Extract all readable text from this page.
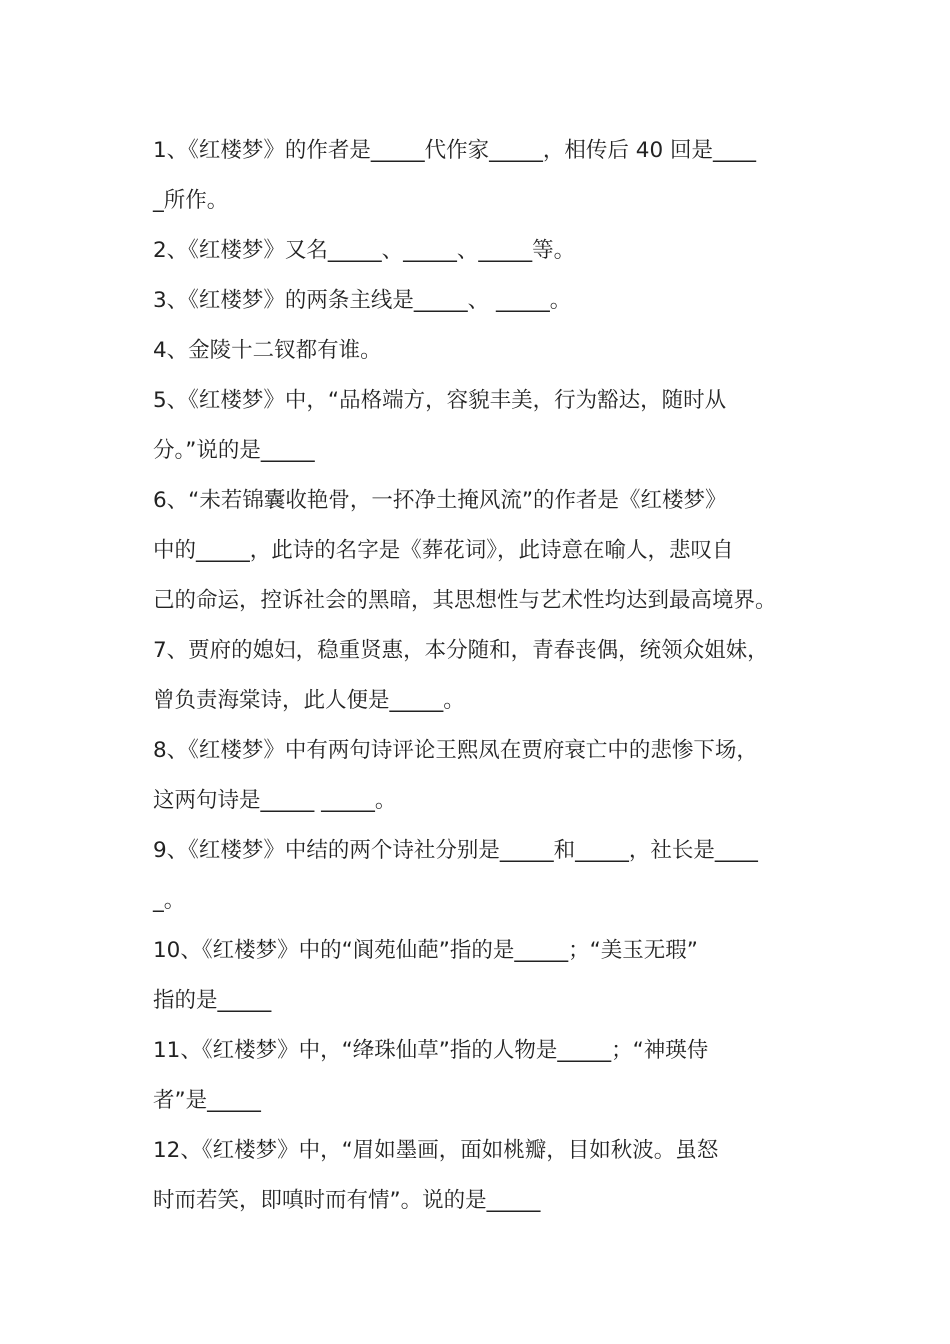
1、《红楼梦》的作者是_____代作家_____，相传后 40 回是____
_所作。
2、《红楼梦》又名_____、_____、_____等。
3、《红楼梦》的两条主线是_____、 _____。
4、金陵十二钗都有谁。
5、《红楼梦》中，“品格端方，容貌丰美，行为豁达，随时从
分。”说的是_____
6、“未若锦囊收艳骨，一抔净土掩风流”的作者是《红楼梦》
中的_____，此诗的名字是《葬花词》，此诗意在喻人，悲叹自
己的命运，控诉社会的黑暗，其思想性与艺术性均达到最高境界。
7、贾府的媳妇，稳重贤惠，本分随和，青春丧偶，统领众姐妹，
曾负责海棠诗，此人便是_____。
8、《红楼梦》中有两句诗评论王熙凤在贾府衰亡中的悲惨下场，
这两句诗是_____ _____。
9、《红楼梦》中结的两个诗社分别是_____和_____，社长是____
_。
10、《红楼梦》中的“阆苑仙葩”指的是_____；“美玉无瑕”
指的是_____
11、《红楼梦》中，“绛珠仙草”指的人物是_____；“神瑛侍
者”是_____
12、《红楼梦》中，“眉如墨画，面如桃瓣，目如秋波。虽怒
时而若笑，即嗔时而有情”。说的是_____
